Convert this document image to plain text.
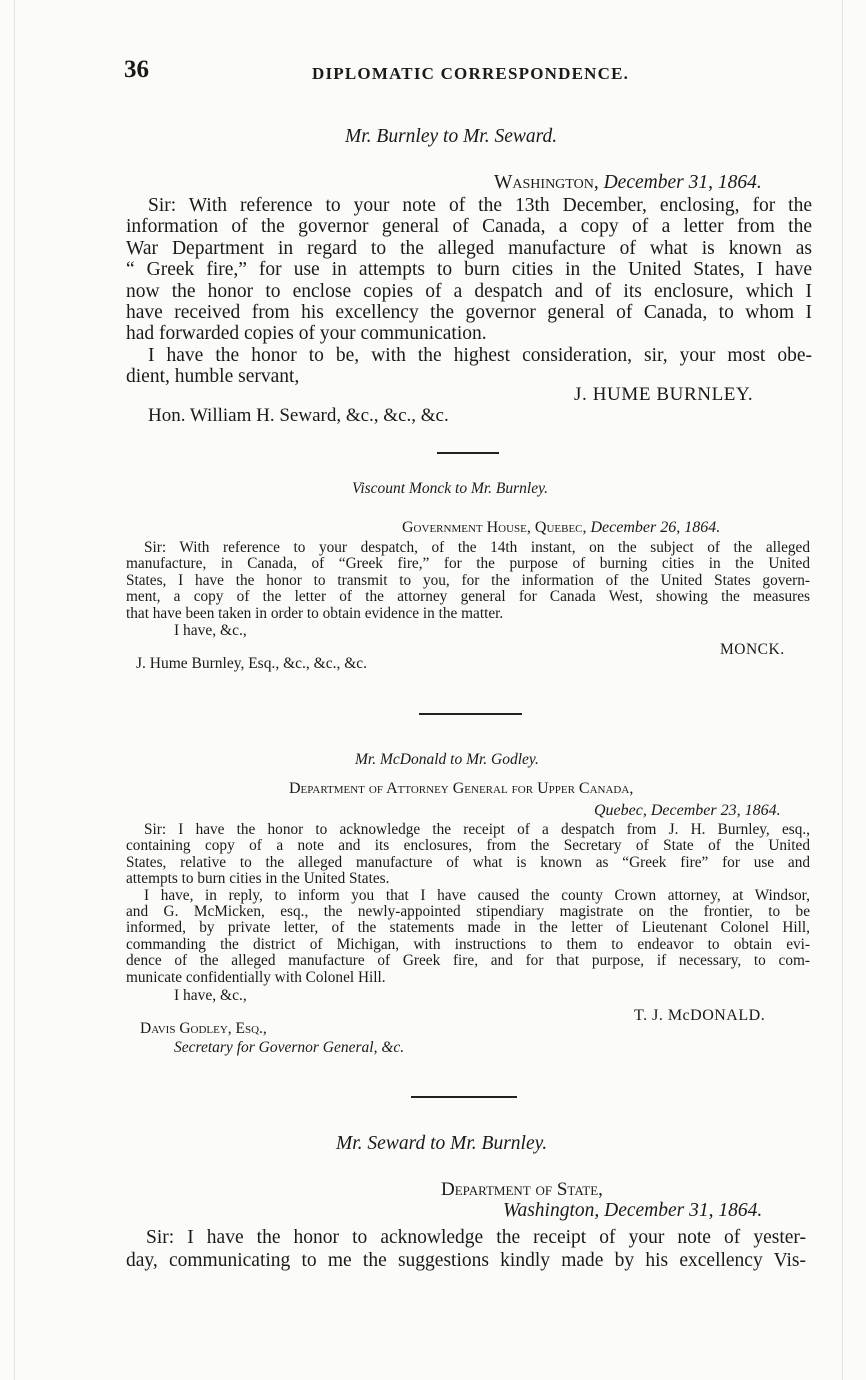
36	DIPLOMATIC CORRESPONDENCE.
Mr. Burnley to Mr. Seward.
Washington, December 31, 1864.
Sir: With reference to your note of the 13th December, enclosing, for the
information of the governor general of Canada, a copy of a letter from the
War Department in regard to the alleged manufacture of what is known as
“ Greek fire,” for use in attempts to burn cities in the United States, I have
now the honor to enclose copies of a despatch and of its enclosure, which I
have received from his excellency the governor general of Canada, to whom I
had forwarded copies of your communication.
I have the honor to be, with the highest consideration, sir, your most obe-
dient, humble servant,
J. HUME BURNLEY.
Hon. William H. Seward, &c., &c., &c.
Viscount Monck to Mr. Burnley.
Government House, Quebec, December 26, 1864.
Sir: With reference to your despatch, of the 14th instant, on the subject of the alleged
manufacture, in Canada, of “Greek fire,” for the purpose of burning cities in the United
States, I have the honor to transmit to you, for the information of the United States govern-
ment, a copy of the letter of the attorney general for Canada West, showing the measures
that have been taken in order to obtain evidence in the matter.
I have, &c.,
MONCK.
J. Hume Burnley, Esq., &c., &c., &c.
Mr. McDonald to Mr. Godley.
Department of Attorney General for Upper Canada,
Quebec, December 23, 1864.
Sir: I have the honor to acknowledge the receipt of a despatch from J. H. Burnley, esq.,
containing copy of a note and its enclosures, from the Secretary of State of the United
States, relative to the alleged manufacture of what is known as “Greek fire” for use and
attempts to burn cities in the United States.
I have, in reply, to inform you that I have caused the county Crown attorney, at Windsor,
and G. McMicken, esq., the newly-appointed stipendiary magistrate on the frontier, to be
informed, by private letter, of the statements made in the letter of Lieutenant Colonel Hill,
commanding the district of Michigan, with instructions to them to endeavor to obtain evi-
dence of the alleged manufacture of Greek fire, and for that purpose, if necessary, to com-
municate confidentially with Colonel Hill.
I have, &c.,
T. J. McDONALD.
Davis Godley, Esq.,
Secretary for Governor General, &c.
Mr. Seward to Mr. Burnley.
Department of State,
Washington, December 31, 1864.
Sir: I have the honor to acknowledge the receipt of your note of yester-
day, communicating to me the suggestions kindly made by his excellency Vis-
